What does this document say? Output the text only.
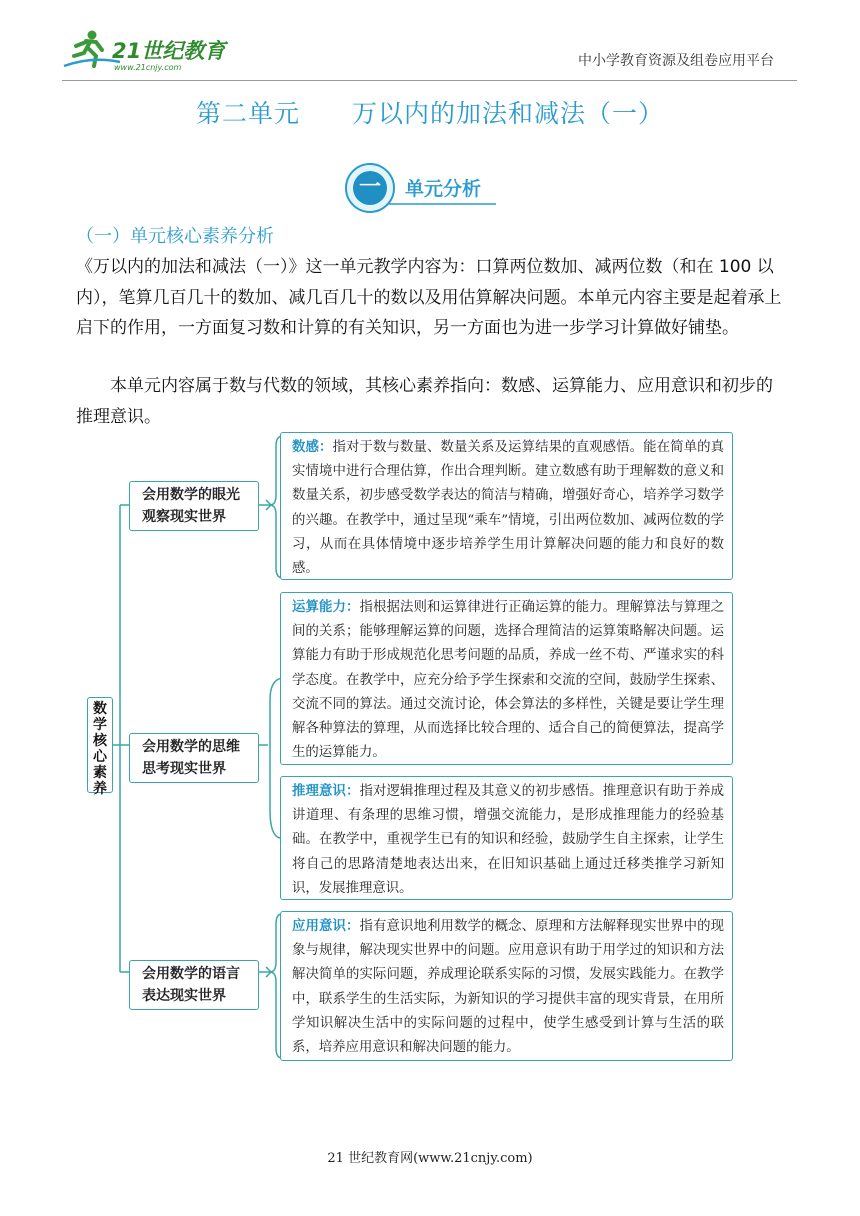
21世纪教育
www.21cnjy.com	中小学教育资源及组卷应用平台
第二单元 万以内的加法和减法（一）
一	单元分析
（一）单元核心素养分析
《万以内的加法和减法（一）》这一单元教学内容为：口算两位数加、减两位数（和在 100 以内），笔算几百几十的数加、减几百几十的数以及用估算解决问题。本单元内容主要是起着承上启下的作用，一方面复习数和计算的有关知识，另一方面也为进一步学习计算做好铺垫。
本单元内容属于数与代数的领域，其核心素养指向：数感、运算能力、应用意识和初步的推理意识。
数
学
核
心
素
养
会用数学的眼光
观察现实世界
会用数学的思维
思考现实世界
会用数学的语言
表达现实世界
数感：指对于数与数量、数量关系及运算结果的直观感悟。能在简单的真实情境中进行合理估算，作出合理判断。建立数感有助于理解数的意义和数量关系，初步感受数学表达的简洁与精确，增强好奇心，培养学习数学的兴趣。在教学中，通过呈现“乘车”情境，引出两位数加、减两位数的学习，从而在具体情境中逐步培养学生用计算解决问题的能力和良好的数感。
运算能力：指根据法则和运算律进行正确运算的能力。理解算法与算理之间的关系；能够理解运算的问题，选择合理简洁的运算策略解决问题。运算能力有助于形成规范化思考问题的品质，养成一丝不苟、严谨求实的科学态度。在教学中，应充分给予学生探索和交流的空间，鼓励学生探索、交流不同的算法。通过交流讨论，体会算法的多样性，关键是要让学生理解各种算法的算理，从而选择比较合理的、适合自己的简便算法，提高学生的运算能力。
推理意识：指对逻辑推理过程及其意义的初步感悟。推理意识有助于养成讲道理、有条理的思维习惯，增强交流能力，是形成推理能力的经验基础。在教学中，重视学生已有的知识和经验，鼓励学生自主探索，让学生将自己的思路清楚地表达出来，在旧知识基础上通过迁移类推学习新知识，发展推理意识。
应用意识：指有意识地利用数学的概念、原理和方法解释现实世界中的现象与规律，解决现实世界中的问题。应用意识有助于用学过的知识和方法解决简单的实际问题，养成理论联系实际的习惯，发展实践能力。在教学中，联系学生的生活实际，为新知识的学习提供丰富的现实背景，在用所学知识解决生活中的实际问题的过程中，使学生感受到计算与生活的联系，培养应用意识和解决问题的能力。
21 世纪教育网(www.21cnjy.com)
